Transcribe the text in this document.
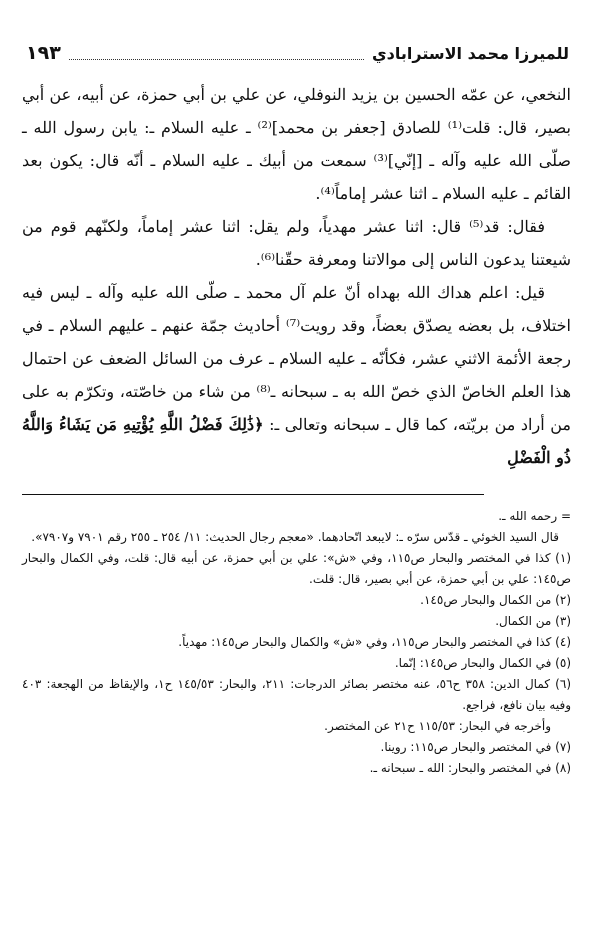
للميرزا محمد الاسترابادي
١٩٣

النخعي، عن عمّه الحسين بن يزيد النوفلي، عن علي بن أبي حمزة، عن أبيه، عن أبي بصير، قال: قلت⁽¹⁾ للصادق [جعفر بن محمد]⁽²⁾ ـ عليه السلام ـ: يابن رسول الله ـ صلّى الله عليه وآله ـ [إنّي]⁽³⁾ سمعت من أبيك ـ عليه السلام ـ أنّه قال: يكون بعد القائم ـ عليه السلام ـ اثنا عشر إماماً⁽⁴⁾.

فقال: قد⁽⁵⁾ قال: اثنا عشر مهدياً، ولم يقل: اثنا عشر إماماً، ولكنّهم قوم من شيعتنا يدعون الناس إلى موالاتنا ومعرفة حقّنا⁽⁶⁾.

قيل: اعلم هداك الله بهداه أنّ علم آل محمد ـ صلّى الله عليه وآله ـ ليس فيه اختلاف، بل بعضه يصدّق بعضاً، وقد رويت⁽⁷⁾ أحاديث جمّة عنهم ـ عليهم السلام ـ في رجعة الأئمة الاثني عشر، فكأنّه ـ عليه السلام ـ عرف من السائل الضعف عن احتمال هذا العلم الخاصّ الذي خصّ الله به ـ سبحانه ـ⁽⁸⁾ من شاء من خاصّته، وتكرّم به على من أراد من بريّته، كما قال ـ سبحانه وتعالى ـ: ﴿ذَٰلِكَ فَضْلُ اللَّهِ يُؤْتِيهِ مَن يَشَاءُ وَاللَّهُ ذُو الْفَضْلِ

= رحمه الله ـ.

قال السيد الخوئي ـ قدّس سرّه ـ: لايبعد اتّحادهما. «معجم رجال الحديث: ١١/ ٢٥٤ ـ ٢٥٥ رقم ٧٩٠١ و٧٩٠٧».

(١) كذا في المختصر والبحار ص١١٥، وفي «ش»: علي بن أبي حمزة، عن أبيه قال: قلت، وفي الكمال والبحار ص١٤٥: علي بن أبي حمزة، عن أبي بصير، قال: قلت.

(٢) من الكمال والبحار ص١٤٥.

(٣) من الكمال.

(٤) كذا في المختصر والبحار ص١١٥، وفي «ش» والكمال والبحار ص١٤٥: مهدياً.

(٥) في الكمال والبحار ص١٤٥: إنّما.

(٦) كمال الدين: ٣٥٨ ح٥٦، عنه مختصر بصائر الدرجات: ٢١١، والبحار: ١٤٥/٥٣ ح١، والإيقاظ من الهجعة: ٤٠٣ وفيه بيان نافع، فراجع.

وأخرجه في البحار: ١١٥/٥٣ ح٢١ عن المختصر.

(٧) في المختصر والبحار ص١١٥: روينا.

(٨) في المختصر والبحار: الله ـ سبحانه ـ.
